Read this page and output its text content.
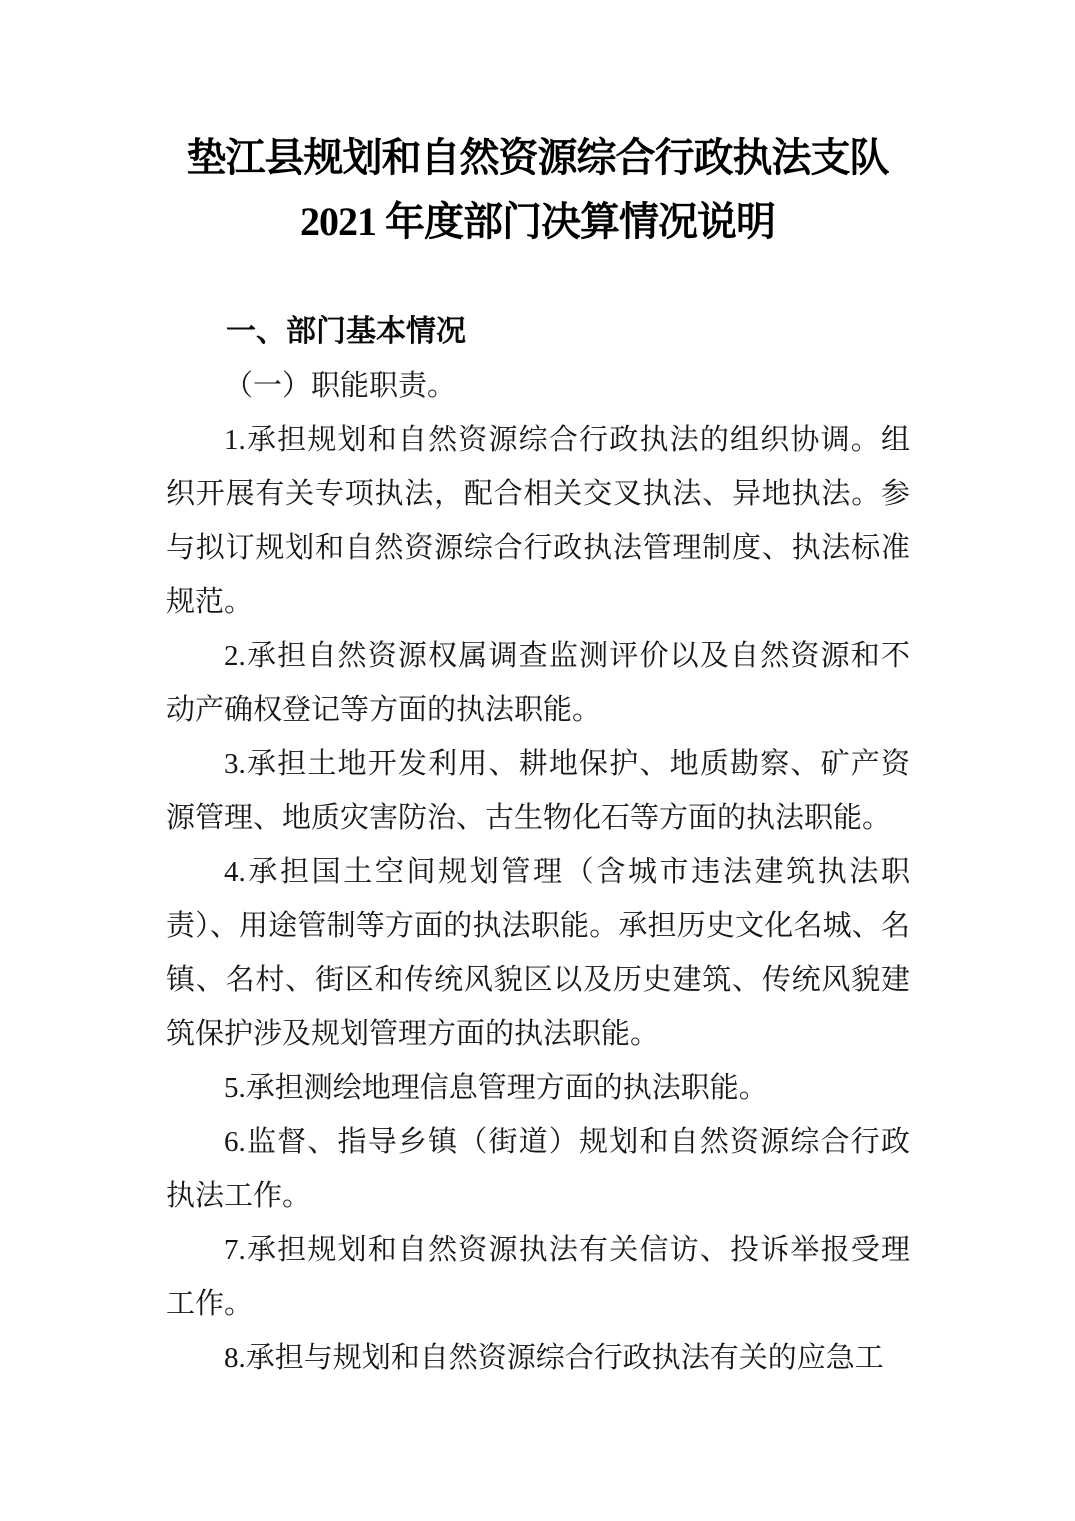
垫江县规划和自然资源综合行政执法支队
2021 年度部门决算情况说明
一、部门基本情况
（一）职能职责。

1.承担规划和自然资源综合行政执法的组织协调。组织开展有关专项执法，配合相关交叉执法、异地执法。参与拟订规划和自然资源综合行政执法管理制度、执法标准规范。

2.承担自然资源权属调查监测评价以及自然资源和不动产确权登记等方面的执法职能。

3.承担土地开发利用、耕地保护、地质勘察、矿产资源管理、地质灾害防治、古生物化石等方面的执法职能。

4.承担国土空间规划管理（含城市违法建筑执法职责）、用途管制等方面的执法职能。承担历史文化名城、名镇、名村、街区和传统风貌区以及历史建筑、传统风貌建筑保护涉及规划管理方面的执法职能。

5.承担测绘地理信息管理方面的执法职能。

6.监督、指导乡镇（街道）规划和自然资源综合行政执法工作。

7.承担规划和自然资源执法有关信访、投诉举报受理工作。

8.承担与规划和自然资源综合行政执法有关的应急工
